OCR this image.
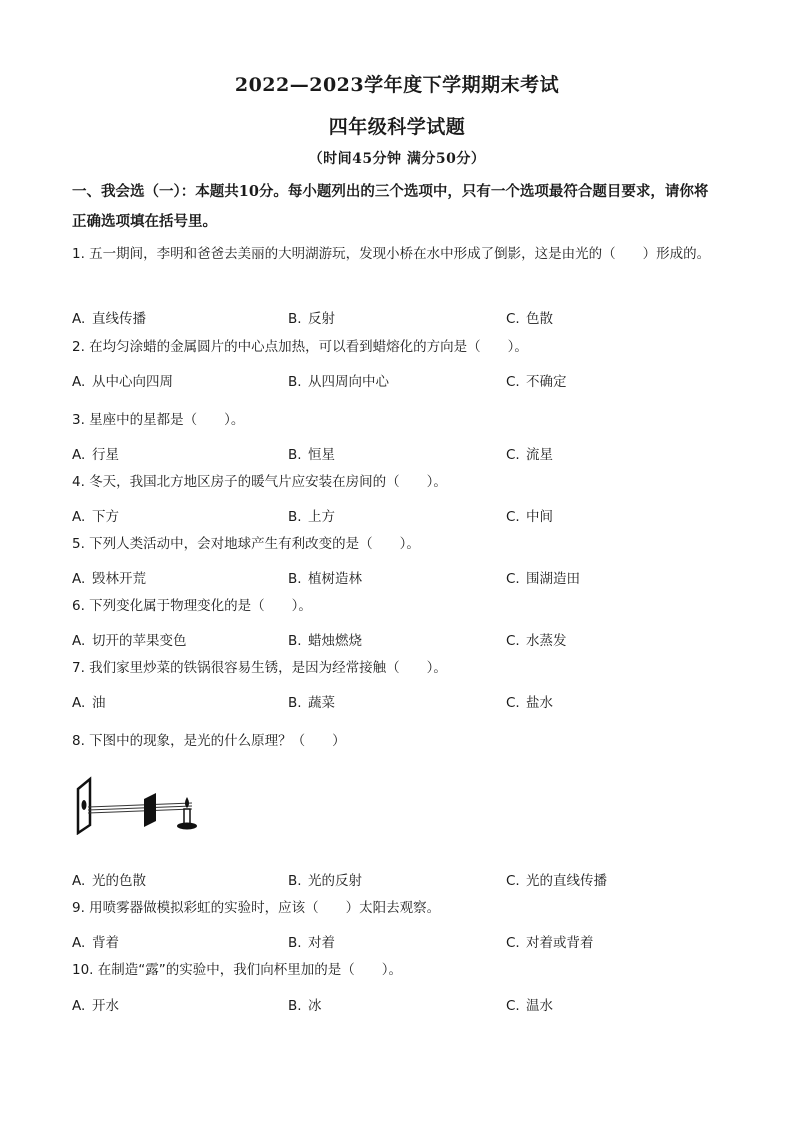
2022—2023学年度下学期期末考试
四年级科学试题
（时间45分钟 满分50分）
一、我会选（一）：本题共10分。每小题列出的三个选项中，只有一个选项最符合题目要求，请你将正确选项填在括号里。
1. 五一期间，李明和爸爸去美丽的大明湖游玩，发现小桥在水中形成了倒影，这是由光的（　　）形成的。
A. 直线传播	B. 反射	C. 色散
2. 在均匀涂蜡的金属圆片的中心点加热，可以看到蜡熔化的方向是（　　）。
A. 从中心向四周	B. 从四周向中心	C. 不确定
3. 星座中的星都是（　　）。
A. 行星	B. 恒星	C. 流星
4. 冬天，我国北方地区房子的暖气片应安装在房间的（　　）。
A. 下方	B. 上方	C. 中间
5. 下列人类活动中，会对地球产生有利改变的是（　　）。
A. 毁林开荒	B. 植树造林	C. 围湖造田
6. 下列变化属于物理变化的是（　　）。
A. 切开的苹果变色	B. 蜡烛燃烧	C. 水蒸发
7. 我们家里炒菜的铁锅很容易生锈，是因为经常接触（　　）。
A. 油	B. 蔬菜	C. 盐水
8. 下图中的现象，是光的什么原理？（　　）
A. 光的色散	B. 光的反射	C. 光的直线传播
9. 用喷雾器做模拟彩虹的实验时，应该（　　）太阳去观察。
A. 背着	B. 对着	C. 对着或背着
10. 在制造“露”的实验中，我们向杯里加的是（　　）。
A. 开水	B. 冰	C. 温水
